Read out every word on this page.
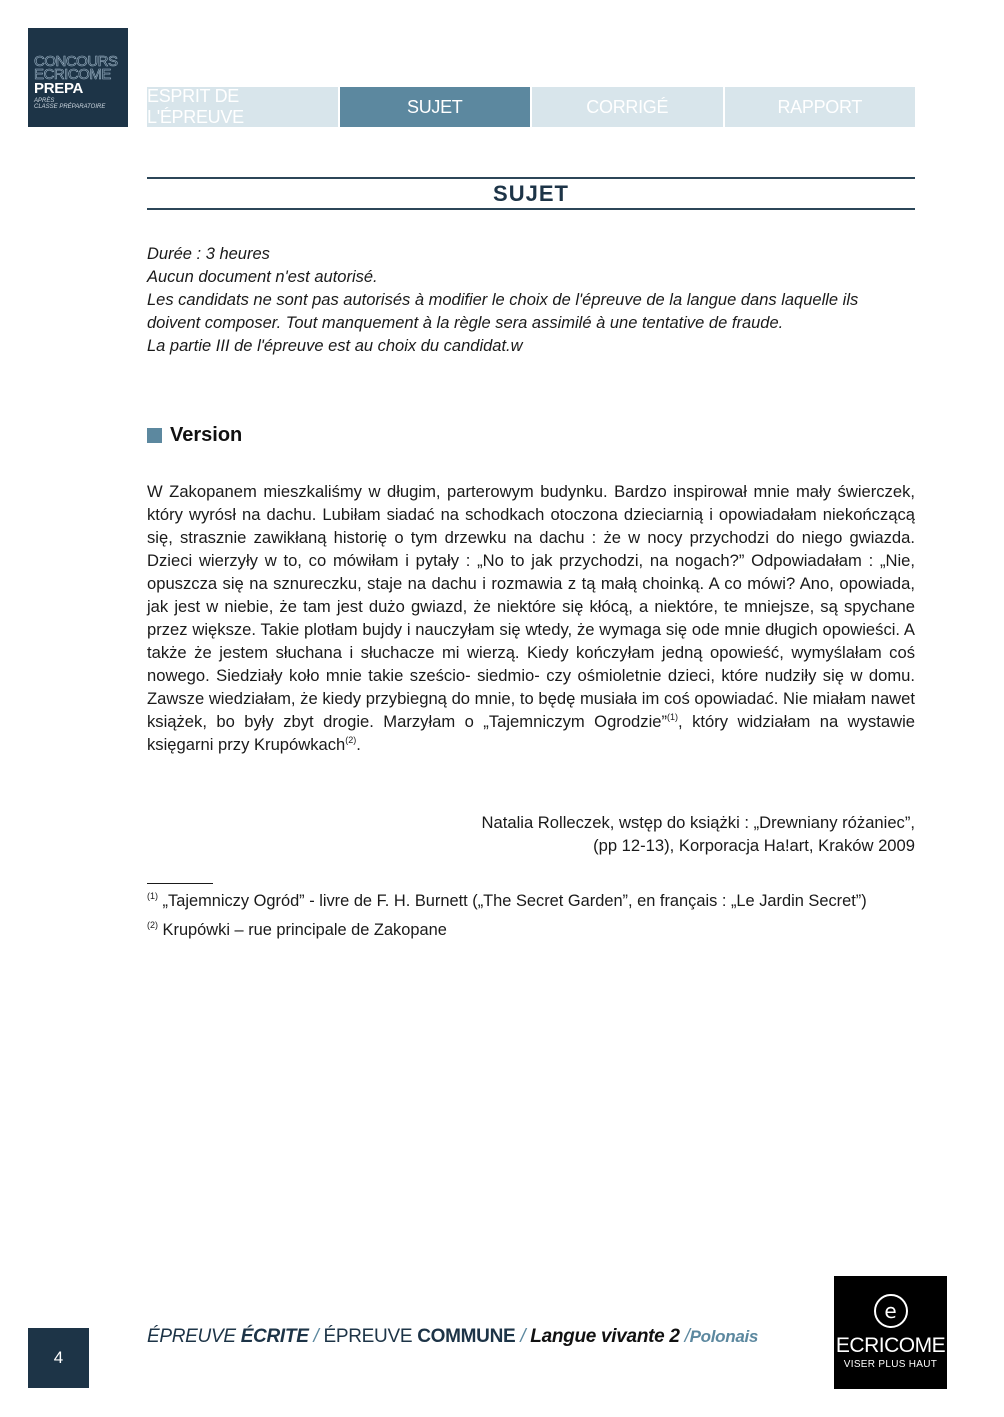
CONCOURS
ECRICOME
PREPA
APRÈS
CLASSE PRÉPARATOIRE
ESPRIT DE L'ÉPREUVE
SUJET	CORRIGÉ	RAPPORT
SUJET
Durée : 3 heures
Aucun document n'est autorisé.
Les candidats ne sont pas autorisés à modifier le choix de l'épreuve de la langue dans laquelle ils
doivent composer. Tout manquement à la règle sera assimilé à une tentative de fraude.
La partie III de l'épreuve est au choix du candidat.w
Version
W Zakopanem mieszkaliśmy w długim, parterowym budynku. Bardzo inspirował mnie mały świerczek, który wyrósł na dachu. Lubiłam siadać na schodkach otoczona dzieciarnią i opowiadałam niekończącą się, strasznie zawikłaną historię o tym drzewku na dachu : że w nocy przychodzi do niego gwiazda. Dzieci wierzyły w to, co mówiłam i pytały : „No to jak przychodzi, na nogach?” Odpowiadałam : „Nie, opuszcza się na sznureczku, staje na dachu i rozmawia z tą małą choinką. A co mówi? Ano, opowiada, jak jest w niebie, że tam jest dużo gwiazd, że niektóre się kłócą, a niektóre, te mniejsze, są spychane przez większe. Takie plotłam bujdy i nauczyłam się wtedy, że wymaga się ode mnie długich opowieści. A także że jestem słuchana i słuchacze mi wierzą. Kiedy kończyłam jedną opowieść, wymyślałam coś nowego. Siedziały koło mnie takie sześcio- siedmio- czy ośmioletnie dzieci, które nudziły się w domu. Zawsze wiedziałam, że kiedy przybiegną do mnie, to będę musiała im coś opowiadać. Nie miałam nawet książek, bo były zbyt drogie. Marzyłam o „Tajemniczym Ogrodzie”$^{(1)}$, który widziałam na wystawie księgarni przy Krupówkach$^{(2)}$.
Natalia Rolleczek, wstęp do książki : „Drewniany różaniec”,
(pp 12-13), Korporacja Ha!art, Kraków 2009
$^{(1)}$ „Tajemniczy Ogród” - livre de F. H. Burnett („The Secret Garden”, en français : „Le Jardin Secret”)
$^{(2)}$ Krupówki – rue principale de Zakopane
4
ÉPREUVE ÉCRITE / ÉPREUVE COMMUNE / Langue vivante 2 /Polonais
e
ECRICOME
VISER PLUS HAUT
